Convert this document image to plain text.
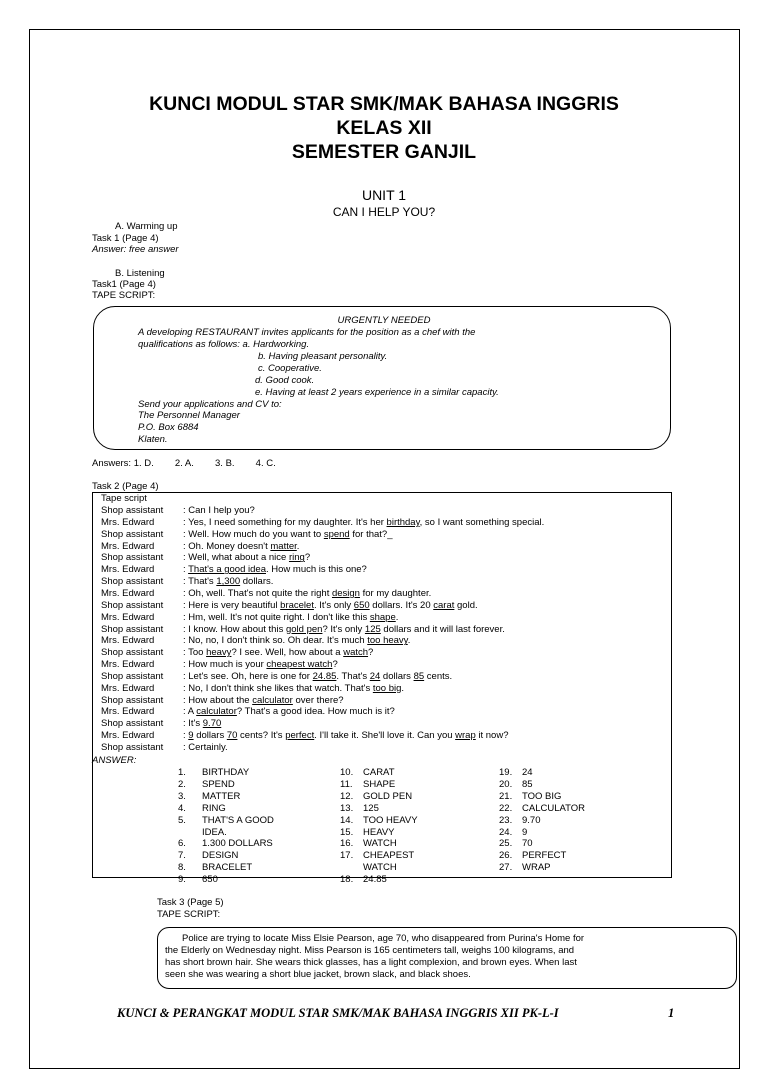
KUNCI MODUL STAR SMK/MAK BAHASA INGGRIS
KELAS XII
SEMESTER GANJIL
UNIT 1
CAN I HELP YOU?
A. Warming up
Task 1 (Page 4)
Answer: free answer
B. Listening
Task1 (Page 4)
TAPE SCRIPT:
URGENTLY NEEDED
A developing RESTAURANT invites applicants for the position as a chef with the
qualifications as follows: a. Hardworking.
b. Having pleasant personality.
c. Cooperative.
d. Good cook.
e. Having at least 2 years experience in a similar capacity.
Send your applications and CV to:
The Personnel Manager
P.O. Box 6884
Klaten.
Answers: 1. D.        2. A.        3. B.        4. C.
Task 2 (Page 4)
Tape script
Shop assistant : Can I help you?
Mrs. Edward	: Yes, I need something for my daughter. It's her birthday, so I want something special.
Shop assistant : Well. How much do you want to spend for that?_
Mrs. Edward	: Oh. Money doesn't matter.
Shop assistant : Well, what about a nice ring?
Mrs. Edward	: That's a good idea. How much is this one?
Shop assistant : That's 1,300 dollars.
Mrs. Edward	: Oh, well. That's not quite the right design for my daughter.
Shop assistant : Here is very beautiful bracelet. It's only 650 dollars. It's 20 carat gold.
Mrs. Edward	: Hm, well. It's not quite right. I don't like this shape.
Shop assistant : I know. How about this gold pen? It's only 125 dollars and it will last forever.
Mrs. Edward	: No, no, I don't think so. Oh dear. It's much too heavy.
Shop assistant : Too heavy? I see. Well, how about a watch?
Mrs. Edward	: How much is your cheapest watch?
Shop assistant : Let's see. Oh, here is one for 24.85. That's 24 dollars 85 cents.
Mrs. Edward	: No, I don't think she likes that watch. That's too big.
Shop assistant : How about the calculator over there?
Mrs. Edward	: A calculator? That's a good idea. How much is it?
Shop assistant : It's 9.70
Mrs. Edward	: 9 dollars 70 cents? It's perfect. I'll take it. She'll love it. Can you wrap it now?
Shop assistant : Certainly.
ANSWER:
1. BIRTHDAY
2. SPEND
3. MATTER
4. RING
5. THAT'S A GOOD
IDEA.
6. 1.300 DOLLARS
7. DESIGN
8. BRACELET
9. 650
10. CARAT
11. SHAPE
12. GOLD PEN
13. 125
14. TOO HEAVY
15. HEAVY
16. WATCH
17. CHEAPEST
WATCH
18. 24.85
19. 24
20. 85
21. TOO BIG
22. CALCULATOR
23. 9.70
24. 9
25. 70
26. PERFECT
27. WRAP
Task 3 (Page 5)
TAPE SCRIPT:
Police are trying to locate Miss Elsie Pearson, age 70, who disappeared from Purina's Home for
the Elderly on Wednesday night. Miss Pearson is 165 centimeters tall, weighs 100 kilograms, and
has short brown hair. She wears thick glasses, has a light complexion, and brown eyes. When last
seen she was wearing a short blue jacket, brown slack, and black shoes.
KUNCI & PERANGKAT MODUL STAR SMK/MAK BAHASA INGGRIS XII PK-L-I	1
